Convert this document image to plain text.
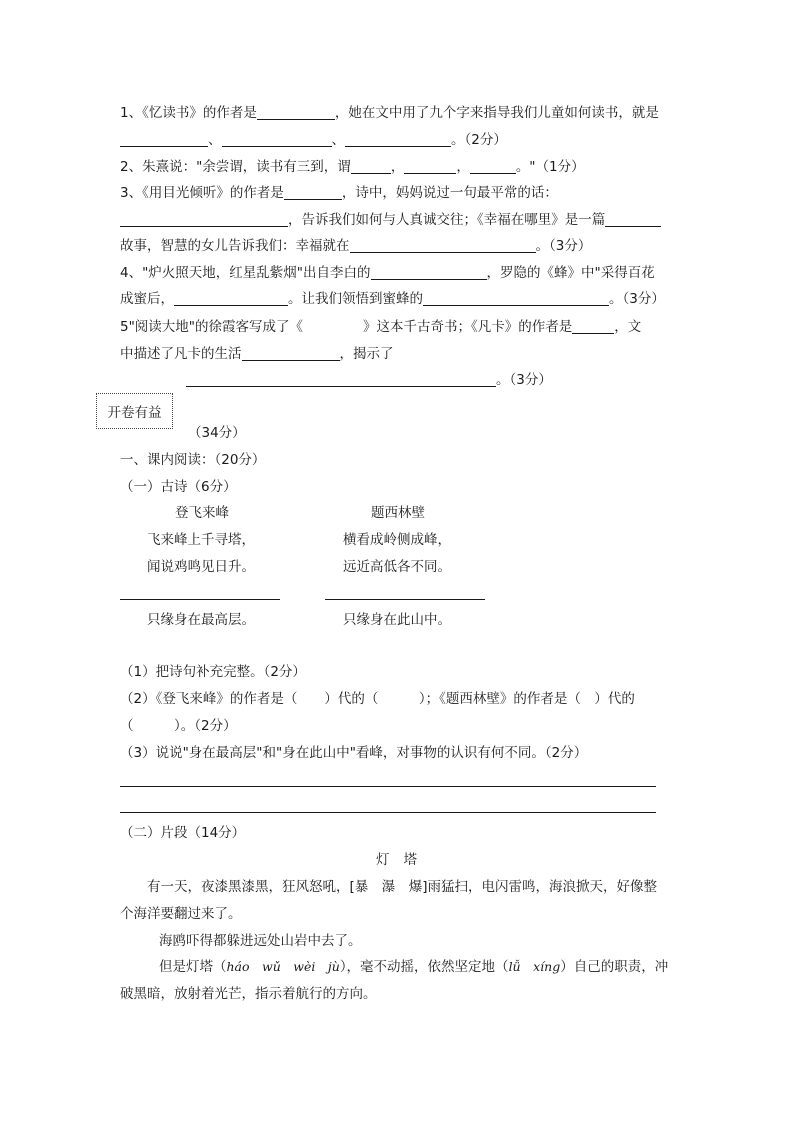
1、《忆读书》的作者是	，她在文中用了九个字来指导我们儿童如何读书，就是
、	、	。（2分）
2、朱熹说："余尝谓，读书有三到，谓	，	，	。"（1分）
3、《用目光倾听》的作者是	，诗中，妈妈说过一句最平常的话：
，告诉我们如何与人真诚交往；《幸福在哪里》是一篇
故事，智慧的女儿告诉我们：幸福就在	。（3分）
4、"炉火照天地，红星乱紫烟"出自李白的	，罗隐的《蜂》中"采得百花
成蜜后，	。让我们领悟到蜜蜂的	。（3分）
5"阅读大地"的徐霞客写成了《	》这本千古奇书；《凡卡》的作者是	，文
中描述了凡卡的生活	，揭示了
。（3分）
开卷有益
（34分）
一、课内阅读：（20分）
（一）古诗（6分）
登飞来峰	题西林壁
飞来峰上千寻塔，	横看成岭侧成峰，
闻说鸡鸣见日升。	远近高低各不同。
只缘身在最高层。	只缘身在此山中。
（1）把诗句补充完整。（2分）
（2）《登飞来峰》的作者是（　　）代的（　　　）；《题西林壁》的作者是（　）代的
（　　　）。（2分）
（3）说说"身在最高层"和"身在此山中"看峰，对事物的认识有何不同。（2分）
（二）片段（14分）
灯塔
有一天，夜漆黑漆黑，狂风怒吼，[暴　瀑　爆]雨猛扫，电闪雷鸣，海浪掀天，好像整
个海洋要翻过来了。
海鸥吓得都躲进远处山岩中去了。
但是灯塔（háo　wǔ　wèi　jù），毫不动摇，依然坚定地（lǚ　xíng）自己的职责，冲
破黑暗，放射着光芒，指示着航行的方向。
